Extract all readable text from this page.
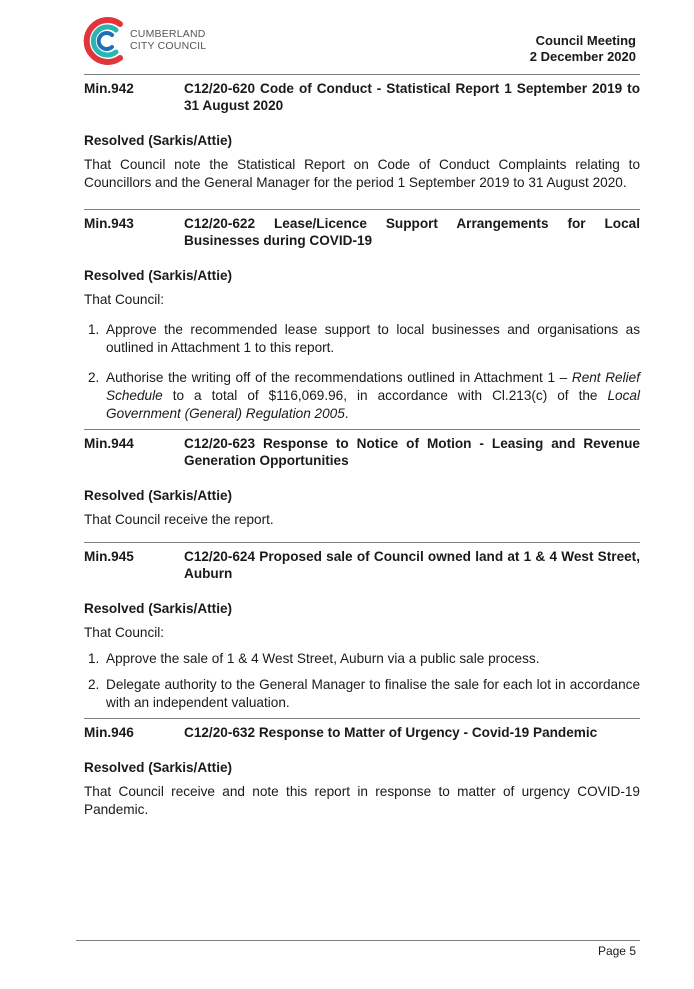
CUMBERLAND
CITY COUNCIL	Council Meeting
2 December 2020
Min.942	C12/20-620 Code of Conduct - Statistical Report 1 September 2019 to 31 August 2020
Resolved (Sarkis/Attie)

That Council note the Statistical Report on Code of Conduct Complaints relating to Councillors and the General Manager for the period 1 September 2019 to 31 August 2020.

Min.943	C12/20-622 Lease/Licence Support Arrangements for Local Businesses during COVID-19
Resolved (Sarkis/Attie)

That Council:

1. Approve the recommended lease support to local businesses and organisations as outlined in Attachment 1 to this report.
2. Authorise the writing off of the recommendations outlined in Attachment 1 – Rent Relief Schedule to a total of $116,069.96, in accordance with Cl.213(c) of the Local Government (General) Regulation 2005.
Min.944	C12/20-623 Response to Notice of Motion - Leasing and Revenue Generation Opportunities
Resolved (Sarkis/Attie)

That Council receive the report.

Min.945	C12/20-624 Proposed sale of Council owned land at 1 & 4 West Street, Auburn
Resolved (Sarkis/Attie)

That Council:

1. Approve the sale of 1 & 4 West Street, Auburn via a public sale process.
2. Delegate authority to the General Manager to finalise the sale for each lot in accordance with an independent valuation.
Min.946	C12/20-632 Response to Matter of Urgency - Covid-19 Pandemic
Resolved (Sarkis/Attie)

That Council receive and note this report in response to matter of urgency COVID-19 Pandemic.

Page 5
